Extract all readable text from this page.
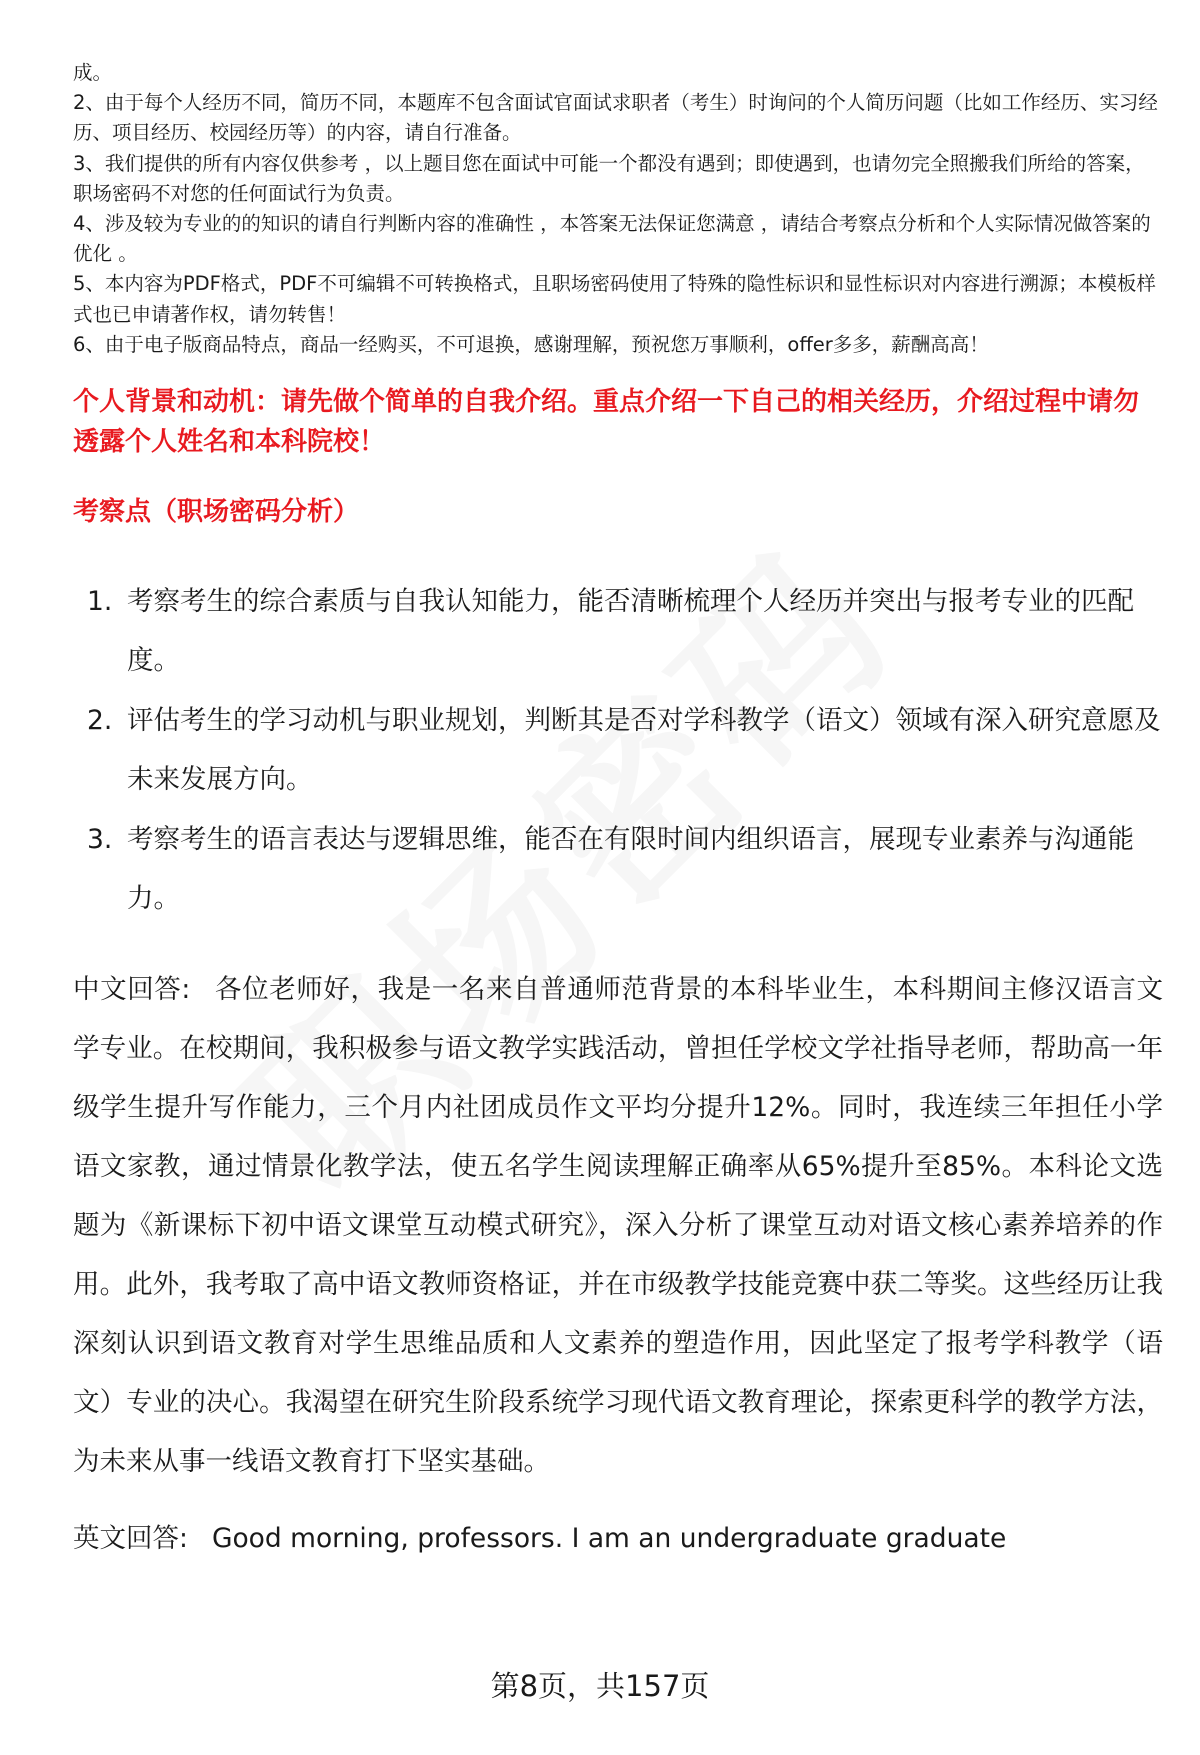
成。

2、由于每个人经历不同，简历不同，本题库不包含面试官面试求职者（考生）时询问的个人简历问题（比如工作经历、实习经历、项目经历、校园经历等）的内容，请自行准备。

3、我们提供的所有内容仅供参考 ，以上题目您在面试中可能一个都没有遇到；即使遇到，也请勿完全照搬我们所给的答案，职场密码不对您的任何面试行为负责。

4、涉及较为专业的的知识的请自行判断内容的准确性 ，本答案无法保证您满意 ，请结合考察点分析和个人实际情况做答案的优化 。

5、本内容为PDF格式，PDF不可编辑不可转换格式，且职场密码使用了特殊的隐性标识和显性标识对内容进行溯源；本模板样式也已申请著作权，请勿转售！

6、由于电子版商品特点，商品一经购买，不可退换，感谢理解，预祝您万事顺利，offer多多，薪酬高高！

个人背景和动机：请先做个简单的自我介绍。重点介绍一下自己的相关经历，介绍过程中请勿透露个人姓名和本科院校！
考察点（职场密码分析）
1. 考察考生的综合素质与自我认知能力，能否清晰梳理个人经历并突出与报考专业的匹配度。
2. 评估考生的学习动机与职业规划，判断其是否对学科教学（语文）领域有深入研究意愿及未来发展方向。
3. 考察考生的语言表达与逻辑思维，能否在有限时间内组织语言，展现专业素养与沟通能力。

中文回答: 各位老师好，我是一名来自普通师范背景的本科毕业生，本科期间主修汉语言文学专业。在校期间，我积极参与语文教学实践活动，曾担任学校文学社指导老师，帮助高一年级学生提升写作能力，三个月内社团成员作文平均分提升12%。同时，我连续三年担任小学语文家教，通过情景化教学法，使五名学生阅读理解正确率从65%提升至85%。本科论文选题为《新课标下初中语文课堂互动模式研究》，深入分析了课堂互动对语文核心素养培养的作用。此外，我考取了高中语文教师资格证，并在市级教学技能竞赛中获二等奖。这些经历让我深刻认识到语文教育对学生思维品质和人文素养的塑造作用，因此坚定了报考学科教学（语文）专业的决心。我渴望在研究生阶段系统学习现代语文教育理论，探索更科学的教学方法，为未来从事一线语文教育打下坚实基础。

英文回答: Good morning, professors. I am an undergraduate graduate

第8页，共157页
